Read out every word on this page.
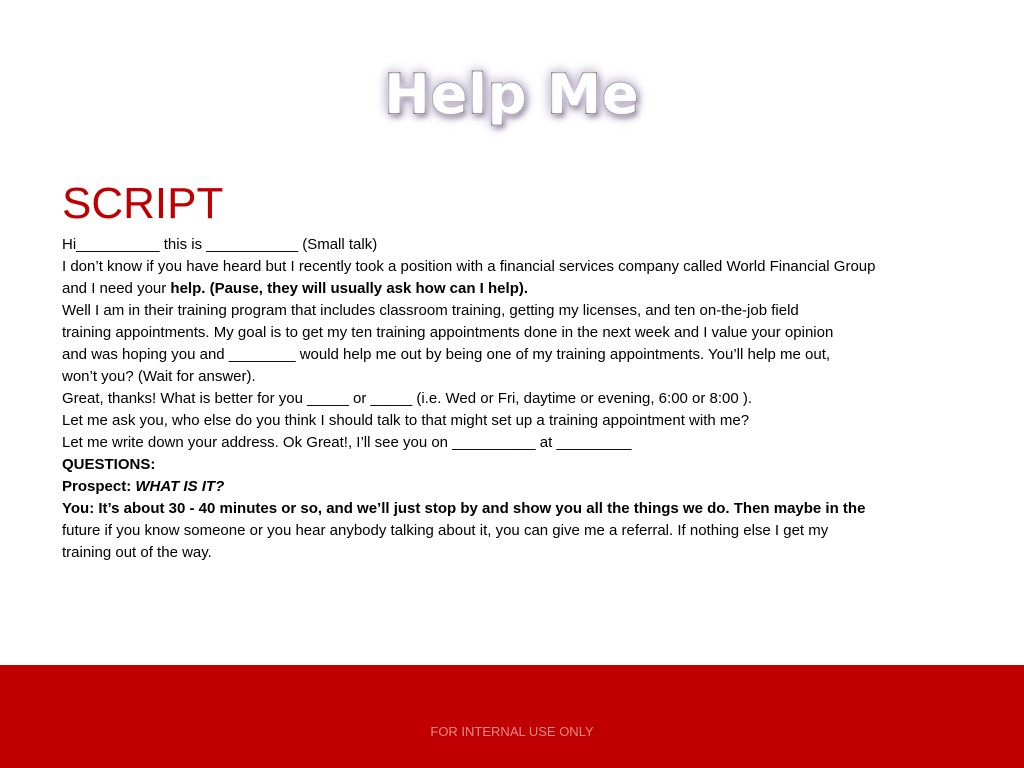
Help Me
SCRIPT

Hi__________ this is ___________ (Small talk)

I don’t know if you have heard but I recently took a position with a financial services company called World Financial Group

and I need your help. (Pause, they will usually ask how can I help).

Well I am in their training program that includes classroom training, getting my licenses, and ten on-the-job field

training appointments. My goal is to get my ten training appointments done in the next week and I value your opinion

and was hoping you and ________ would help me out by being one of my training appointments. You’ll help me out,

won’t you? (Wait for answer).

Great, thanks! What is better for you _____ or _____ (i.e. Wed or Fri, daytime or evening, 6:00 or 8:00 ).

Let me ask you, who else do you think I should talk to that might set up a training appointment with me?

Let me write down your address. Ok Great!, I’ll see you on __________ at _________

QUESTIONS:

Prospect: WHAT IS IT?

You: It’s about 30 - 40 minutes or so, and we’ll just stop by and show you all the things we do. Then maybe in the

future if you know someone or you hear anybody talking about it, you can give me a referral. If nothing else I get my

training out of the way.

FOR INTERNAL USE ONLY
